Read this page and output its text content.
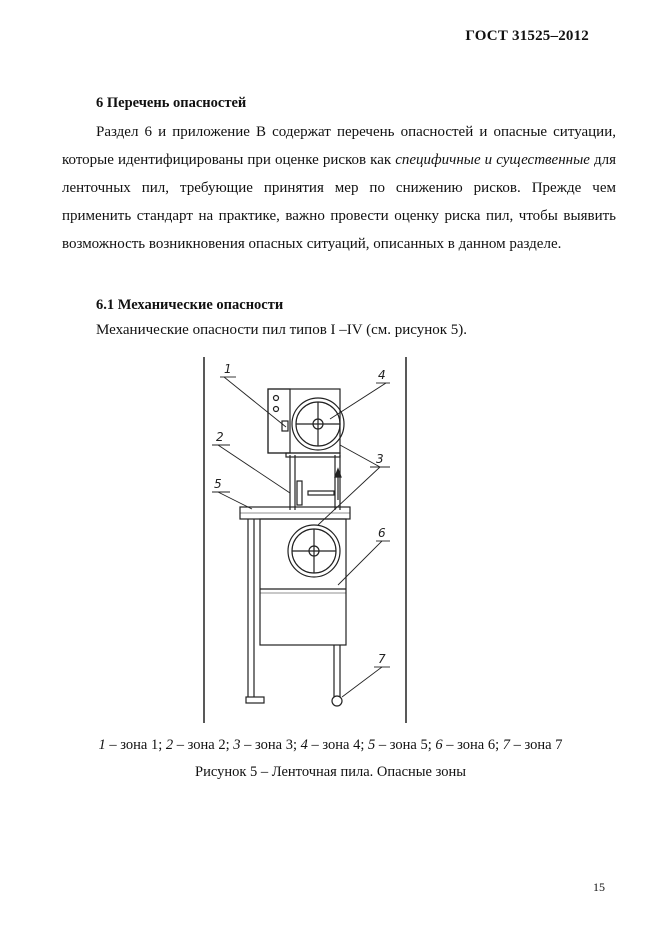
ГОСТ 31525–2012
6 Перечень опасностей

Раздел 6 и приложение В содержат перечень опасностей и опасные ситуации, которые идентифицированы при оценке рисков как специфичные и существенные для ленточных пил, требующие принятия мер по снижению рисков. Прежде чем применить стандарт на практике, важно провести оценку риска пил, чтобы выявить возможность возникновения опасных ситуаций, описанных в данном разделе.

6.1 Механические опасности
Механические опасности пил типов I –IV (см. рисунок 5).
1
2
3
4
5
6
7
1 – зона 1; 2 – зона 2; 3 – зона 3; 4 – зона 4; 5 – зона 5; 6 – зона 6; 7 – зона 7
Рисунок 5 – Ленточная пила. Опасные зоны
15
